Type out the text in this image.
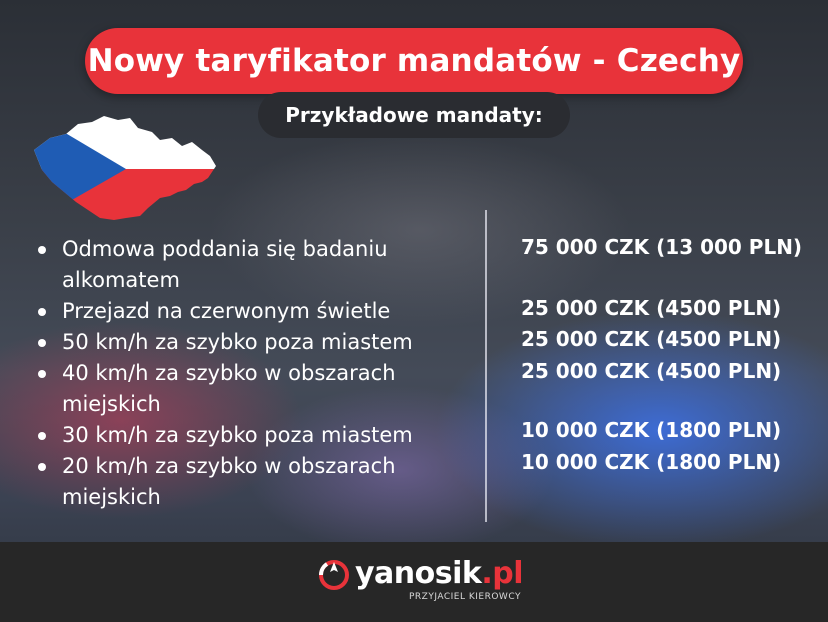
Nowy taryfikator mandatów - Czechy
Przykładowe mandaty:
Odmowa poddania się badaniu alkomatem
Przejazd na czerwonym świetle
50 km/h za szybko poza miastem
40 km/h za szybko w obszarach miejskich
30 km/h za szybko poza miastem
20 km/h za szybko w obszarach miejskich
75 000 CZK (13 000 PLN)
25 000 CZK (4500 PLN)
25 000 CZK (4500 PLN)
25 000 CZK (4500 PLN)
10 000 CZK (1800 PLN)
10 000 CZK (1800 PLN)
yanosik.pl
PRZYJACIEL KIEROWCY
